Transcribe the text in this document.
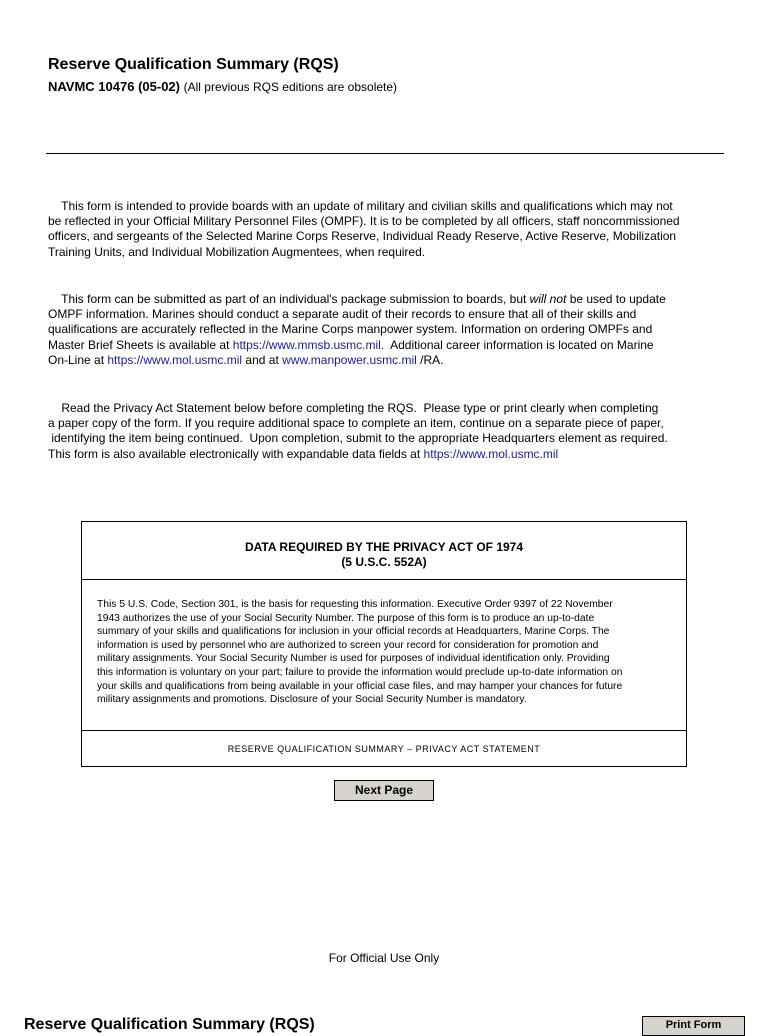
Reserve Qualification Summary (RQS)
NAVMC 10476 (05-02) (All previous RQS editions are obsolete)
This form is intended to provide boards with an update of military and civilian skills and qualifications which may not
be reflected in your Official Military Personnel Files (OMPF). It is to be completed by all officers, staff noncommissioned
officers, and sergeants of the Selected Marine Corps Reserve, Individual Ready Reserve, Active Reserve, Mobilization
Training Units, and Individual Mobilization Augmentees, when required.
This form can be submitted as part of an individual's package submission to boards, but will not be used to update
OMPF information. Marines should conduct a separate audit of their records to ensure that all of their skills and
qualifications are accurately reflected in the Marine Corps manpower system. Information on ordering OMPFs and
Master Brief Sheets is available at https://www.mmsb.usmc.mil.  Additional career information is located on Marine
On-Line at https://www.mol.usmc.mil and at www.manpower.usmc.mil /RA.
Read the Privacy Act Statement below before completing the RQS.  Please type or print clearly when completing
a paper copy of the form. If you require additional space to complete an item, continue on a separate piece of paper,
identifying the item being continued.  Upon completion, submit to the appropriate Headquarters element as required.
This form is also available electronically with expandable data fields at https://www.mol.usmc.mil
DATA REQUIRED BY THE PRIVACY ACT OF 1974
(5 U.S.C. 552A)
This 5 U.S. Code, Section 301, is the basis for requesting this information. Executive Order 9397 of 22 November
1943 authorizes the use of your Social Security Number. The purpose of this form is to produce an up-to-date
summary of your skills and qualifications for inclusion in your official records at Headquarters, Marine Corps. The
information is used by personnel who are authorized to screen your record for consideration for promotion and
military assignments. Your Social Security Number is used for purposes of individual identification only. Providing
this information is voluntary on your part; failure to provide the information would preclude up-to-date information on
your skills and qualifications from being available in your official case files, and may hamper your chances for future
military assignments and promotions. Disclosure of your Social Security Number is mandatory.
RESERVE QUALIFICATION SUMMARY – PRIVACY ACT STATEMENT
Next Page
For Official Use Only
Reserve Qualification Summary (RQS)	Print Form
